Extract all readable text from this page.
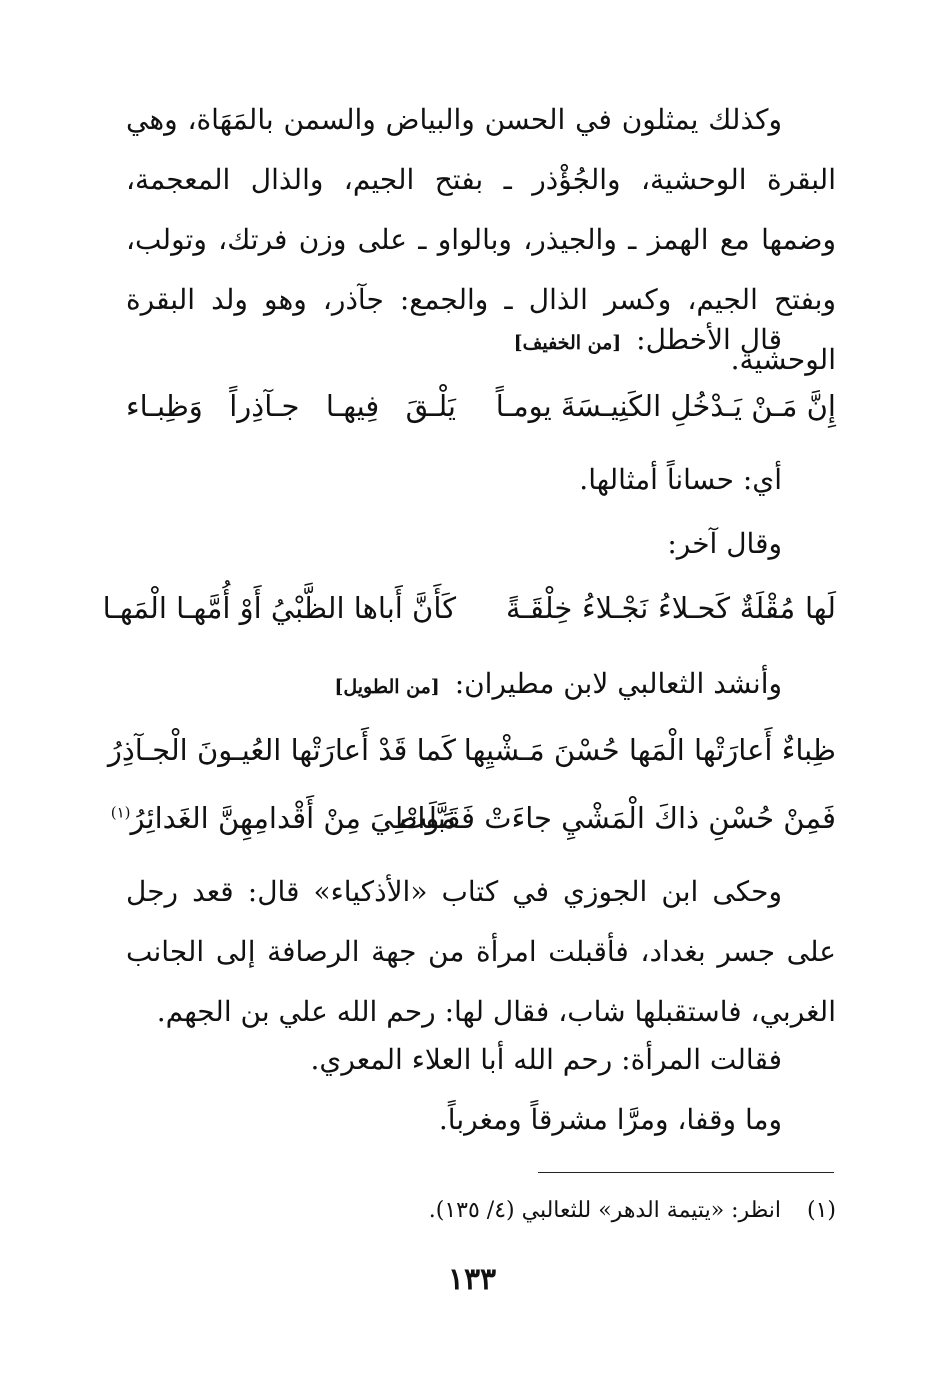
وكذلك يمثلون في الحسن والبياض والسمن بالمَهَاة، وهي البقرة الوحشية، والجُؤْذر ـ بفتح الجيم، والذال المعجمة، وضمها مع الهمز ـ والجيذر، وبالواو ـ على وزن فرتك، وتولب، وبفتح الجيم، وكسر الذال ـ والجمع: جآذر، وهو ولد البقرة الوحشية.

قال الأخطل: [من الخفيف]
إِنَّ مَـنْ يَـدْخُلِ الكَنِيـسَةَ يومـاً
يَلْـقَ فِيهـا جـآذِراً وَظِبـاء
أي: حساناً أمثالها.
وقال آخر:
لَها مُقْلَةٌ كَحـلاءُ نَجْـلاءُ خِلْقَـةً
كَأَنَّ أَباها الظَّبْيُ أَوْ أُمَّهـا الْمَهـا
وأنشد الثعالبي لابن مطيران: [من الطويل]
ظِباءٌ أَعارَتْها الْمَها حُسْنَ مَـشْيِها
كَما قَدْ أَعارَتْها العُيـونَ الْجـآذِرُ
فَمِنْ حُسْنِ ذاكَ الْمَشْيِ جاءَتْ فَقَبَّلَتْ
مَواطِيَ مِنْ أَقْدامِهِنَّ الغَدائِرُ$^{(١)}$

وحكى ابن الجوزي في كتاب «الأذكياء» قال: قعد رجل على جسر بغداد، فأقبلت امرأة من جهة الرصافة إلى الجانب الغربي، فاستقبلها شاب، فقال لها: رحم الله علي بن الجهم.

فقالت المرأة: رحم الله أبا العلاء المعري.
وما وقفا، ومرَّا مشرقاً ومغرباً.
(١)انظر: «يتيمة الدهر» للثعالبي (٤/ ١٣٥).
١٣٣
